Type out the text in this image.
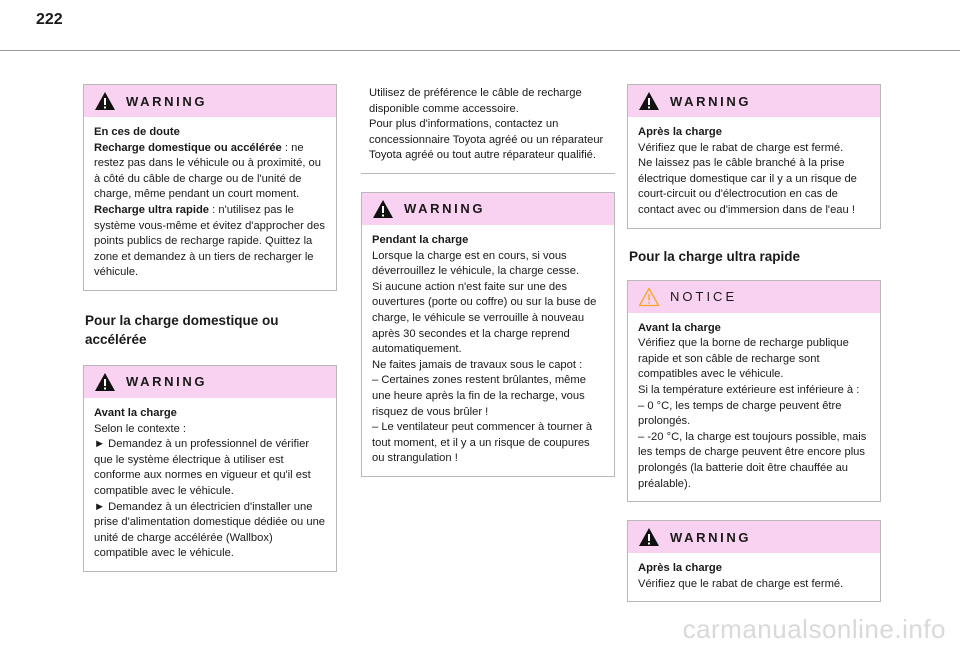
222
WARNING

En ces de doute

Recharge domestique ou accélérée : ne restez pas dans le véhicule ou à proximité, ou à côté du câble de charge ou de l'unité de charge, même pendant un court moment.

Recharge ultra rapide : n'utilisez pas le système vous-même et évitez d'approcher des points publics de recharge rapide. Quittez la zone et demandez à un tiers de recharger le véhicule.

Pour la charge domestique ou accélérée
WARNING

Avant la charge

Selon le contexte :

► Demandez à un professionnel de vérifier que le système électrique à utiliser est conforme aux normes en vigueur et qu'il est compatible avec le véhicule.

► Demandez à un électricien d'installer une prise d'alimentation domestique dédiée ou une unité de charge accélérée (Wallbox) compatible avec le véhicule.

Utilisez de préférence le câble de recharge disponible comme accessoire.

Pour plus d'informations, contactez un concessionnaire Toyota agréé ou un réparateur Toyota agréé ou tout autre réparateur qualifié.

WARNING

Pendant la charge

Lorsque la charge est en cours, si vous déverrouillez le véhicule, la charge cesse.

Si aucune action n'est faite sur une des ouvertures (porte ou coffre) ou sur la buse de charge, le véhicule se verrouille à nouveau après 30 secondes et la charge reprend automatiquement.

Ne faites jamais de travaux sous le capot :

– Certaines zones restent brûlantes, même une heure après la fin de la recharge, vous risquez de vous brûler !

– Le ventilateur peut commencer à tourner à tout moment, et il y a un risque de coupures ou strangulation !

WARNING

Après la charge

Vérifiez que le rabat de charge est fermé.

Ne laissez pas le câble branché à la prise électrique domestique car il y a un risque de court-circuit ou d'électrocution en cas de contact avec ou d'immersion dans de l'eau !

Pour la charge ultra rapide
NOTICE

Avant la charge

Vérifiez que la borne de recharge publique rapide et son câble de recharge sont compatibles avec le véhicule.

Si la température extérieure est inférieure à :

– 0 °C, les temps de charge peuvent être prolongés.

– -20 °C, la charge est toujours possible, mais les temps de charge peuvent être encore plus prolongés (la batterie doit être chauffée au préalable).

WARNING

Après la charge

Vérifiez que le rabat de charge est fermé.

carmanualsonline.info
